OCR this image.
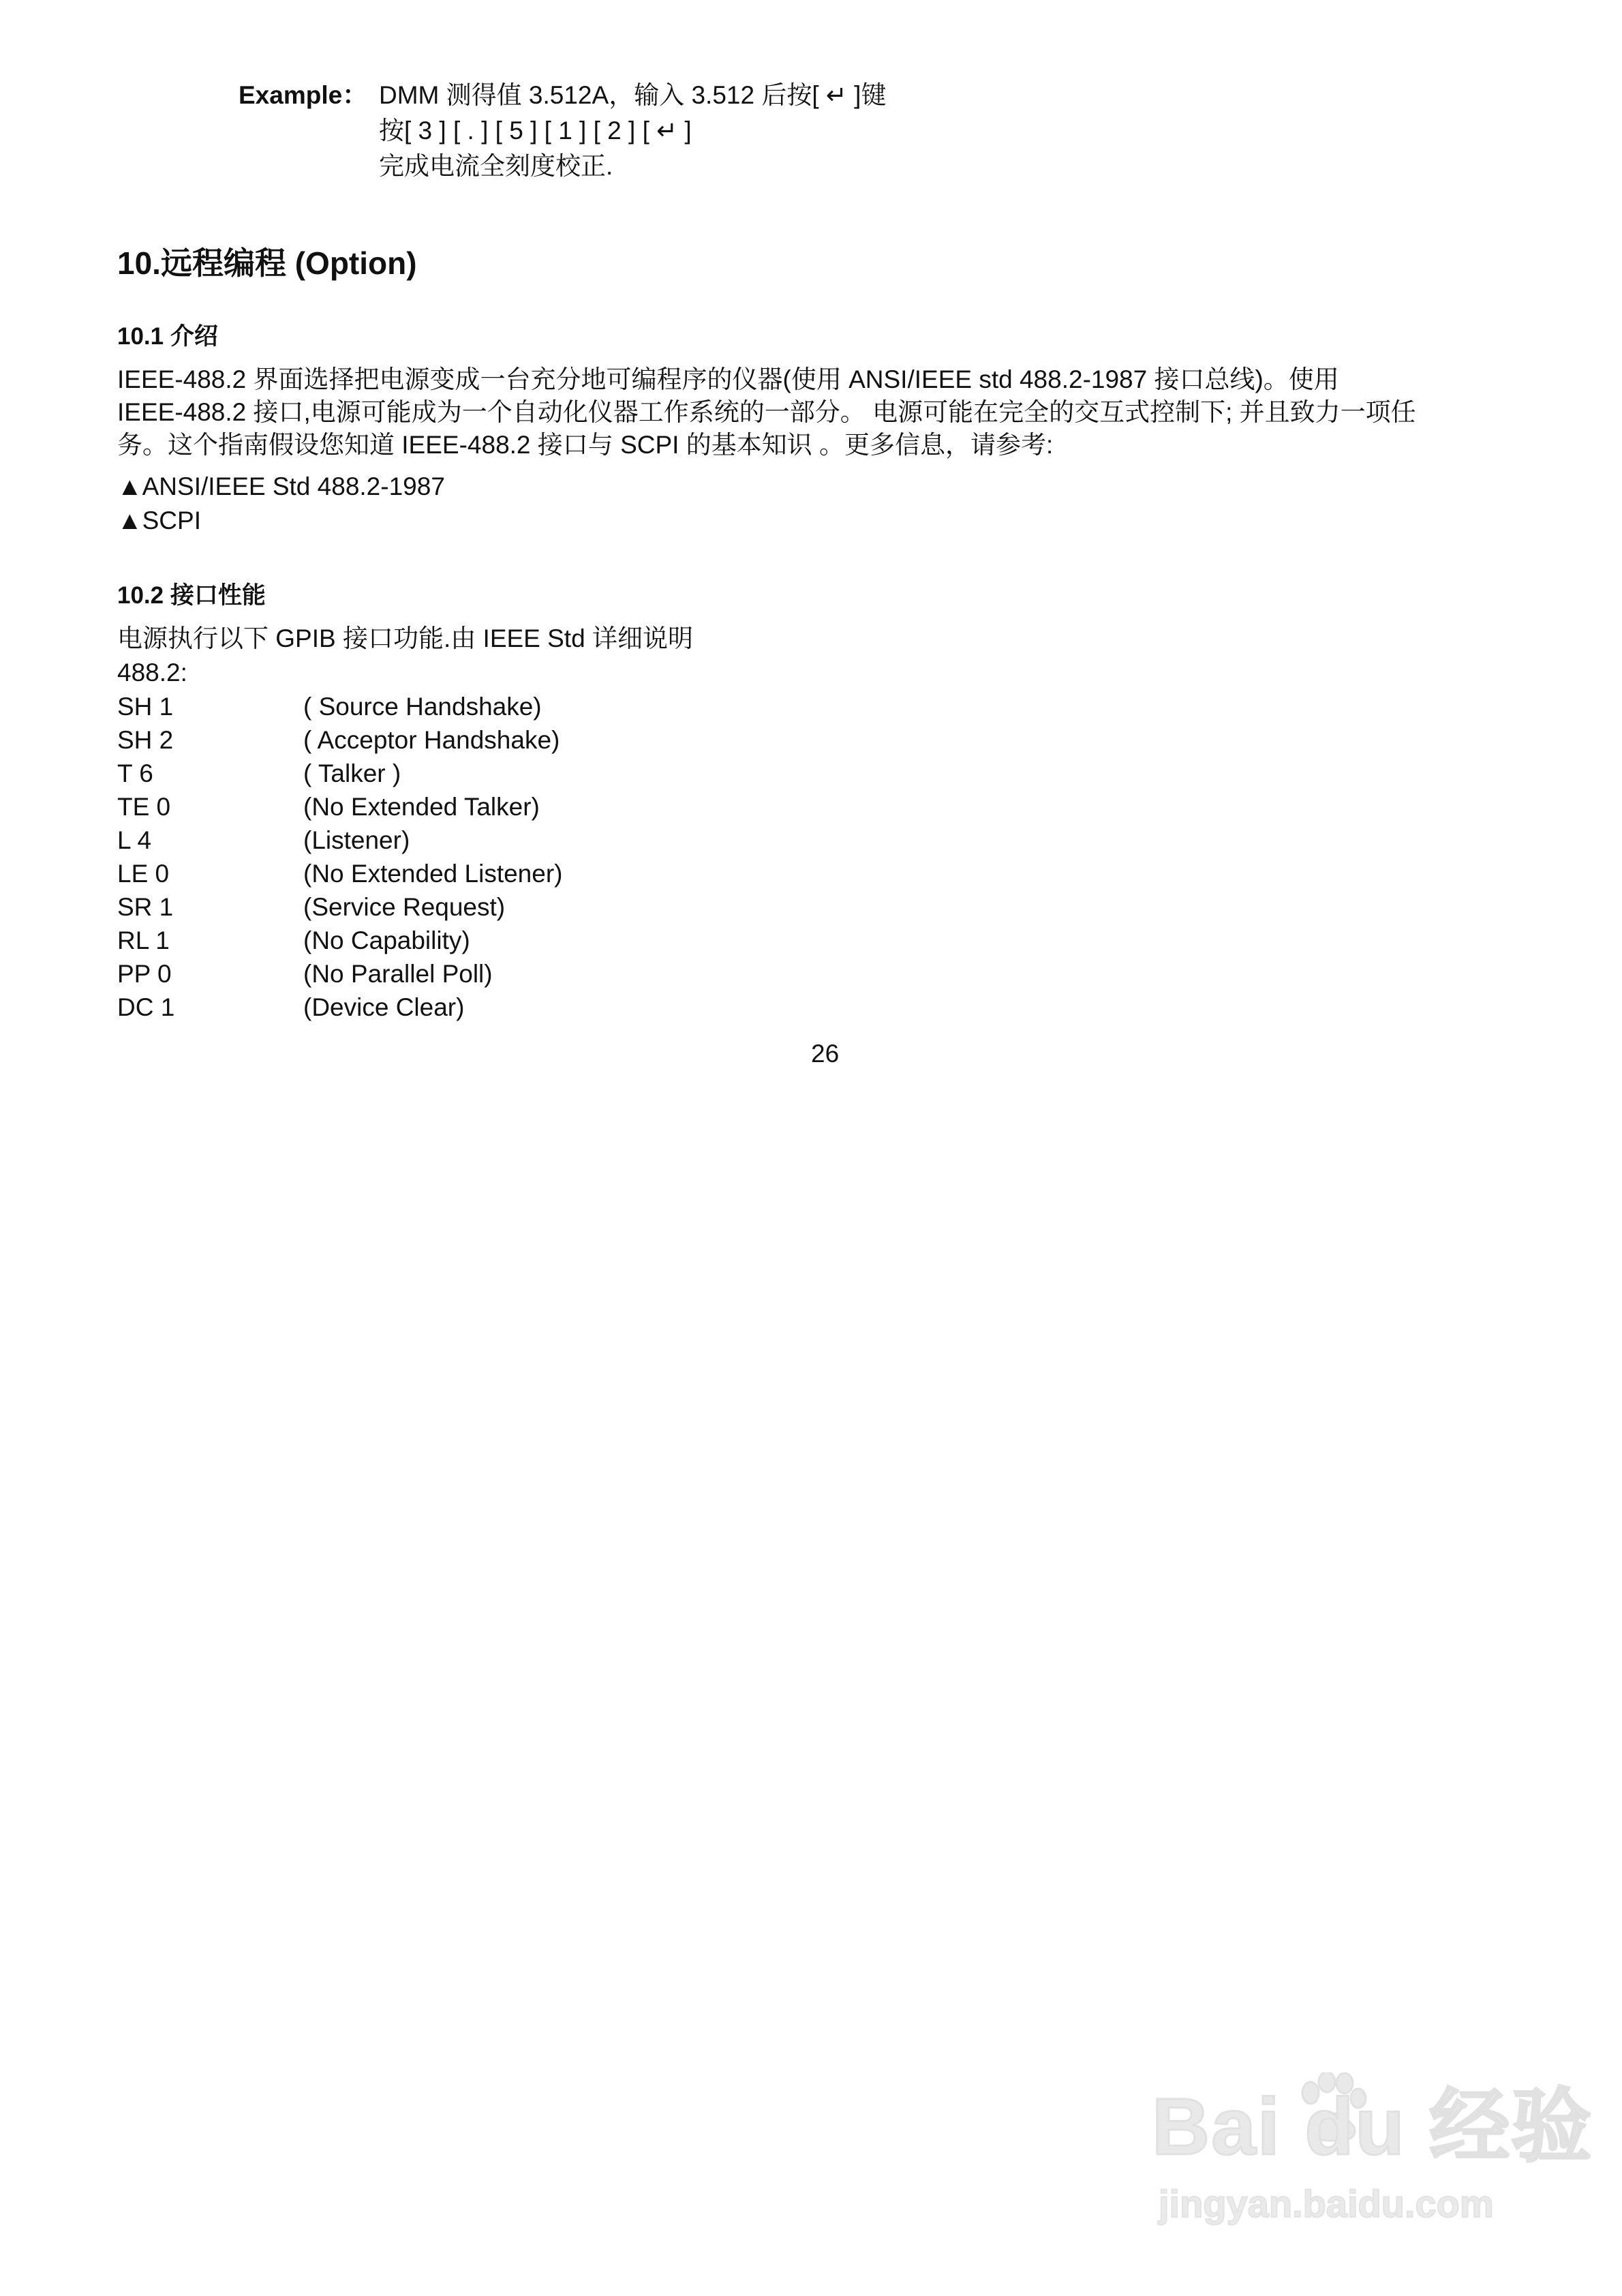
Example： DMM 测得值 3.512A，输入 3.512 后按[ ↵ ]键
按[ 3 ] [ . ] [ 5 ] [ 1 ] [ 2 ] [ ↵ ]
完成电流全刻度校正.
10.远程编程 (Option)
10.1 介绍
IEEE-488.2 界面选择把电源变成一台充分地可编程序的仪器(使用 ANSI/IEEE std 488.2-1987 接口总线)。使用
IEEE-488.2 接口,电源可能成为一个自动化仪器工作系统的一部分。 电源可能在完全的交互式控制下; 并且致力一项任
务。这个指南假设您知道 IEEE-488.2 接口与 SCPI 的基本知识 。更多信息，请参考:
▲ANSI/IEEE Std 488.2-1987
▲SCPI
10.2 接口性能
电源执行以下 GPIB 接口功能.由 IEEE Std 详细说明
488.2:
SH 1	( Source Handshake)
SH 2	( Acceptor Handshake)
T 6	( Talker )
TE 0	(No Extended Talker)
L 4	(Listener)
LE 0	(No Extended Listener)
SR 1	(Service Request)
RL 1	(No Capability)
PP 0	(No Parallel Poll)
DC 1	(Device Clear)
26
Bai du 经验
jingyan.baidu.com
